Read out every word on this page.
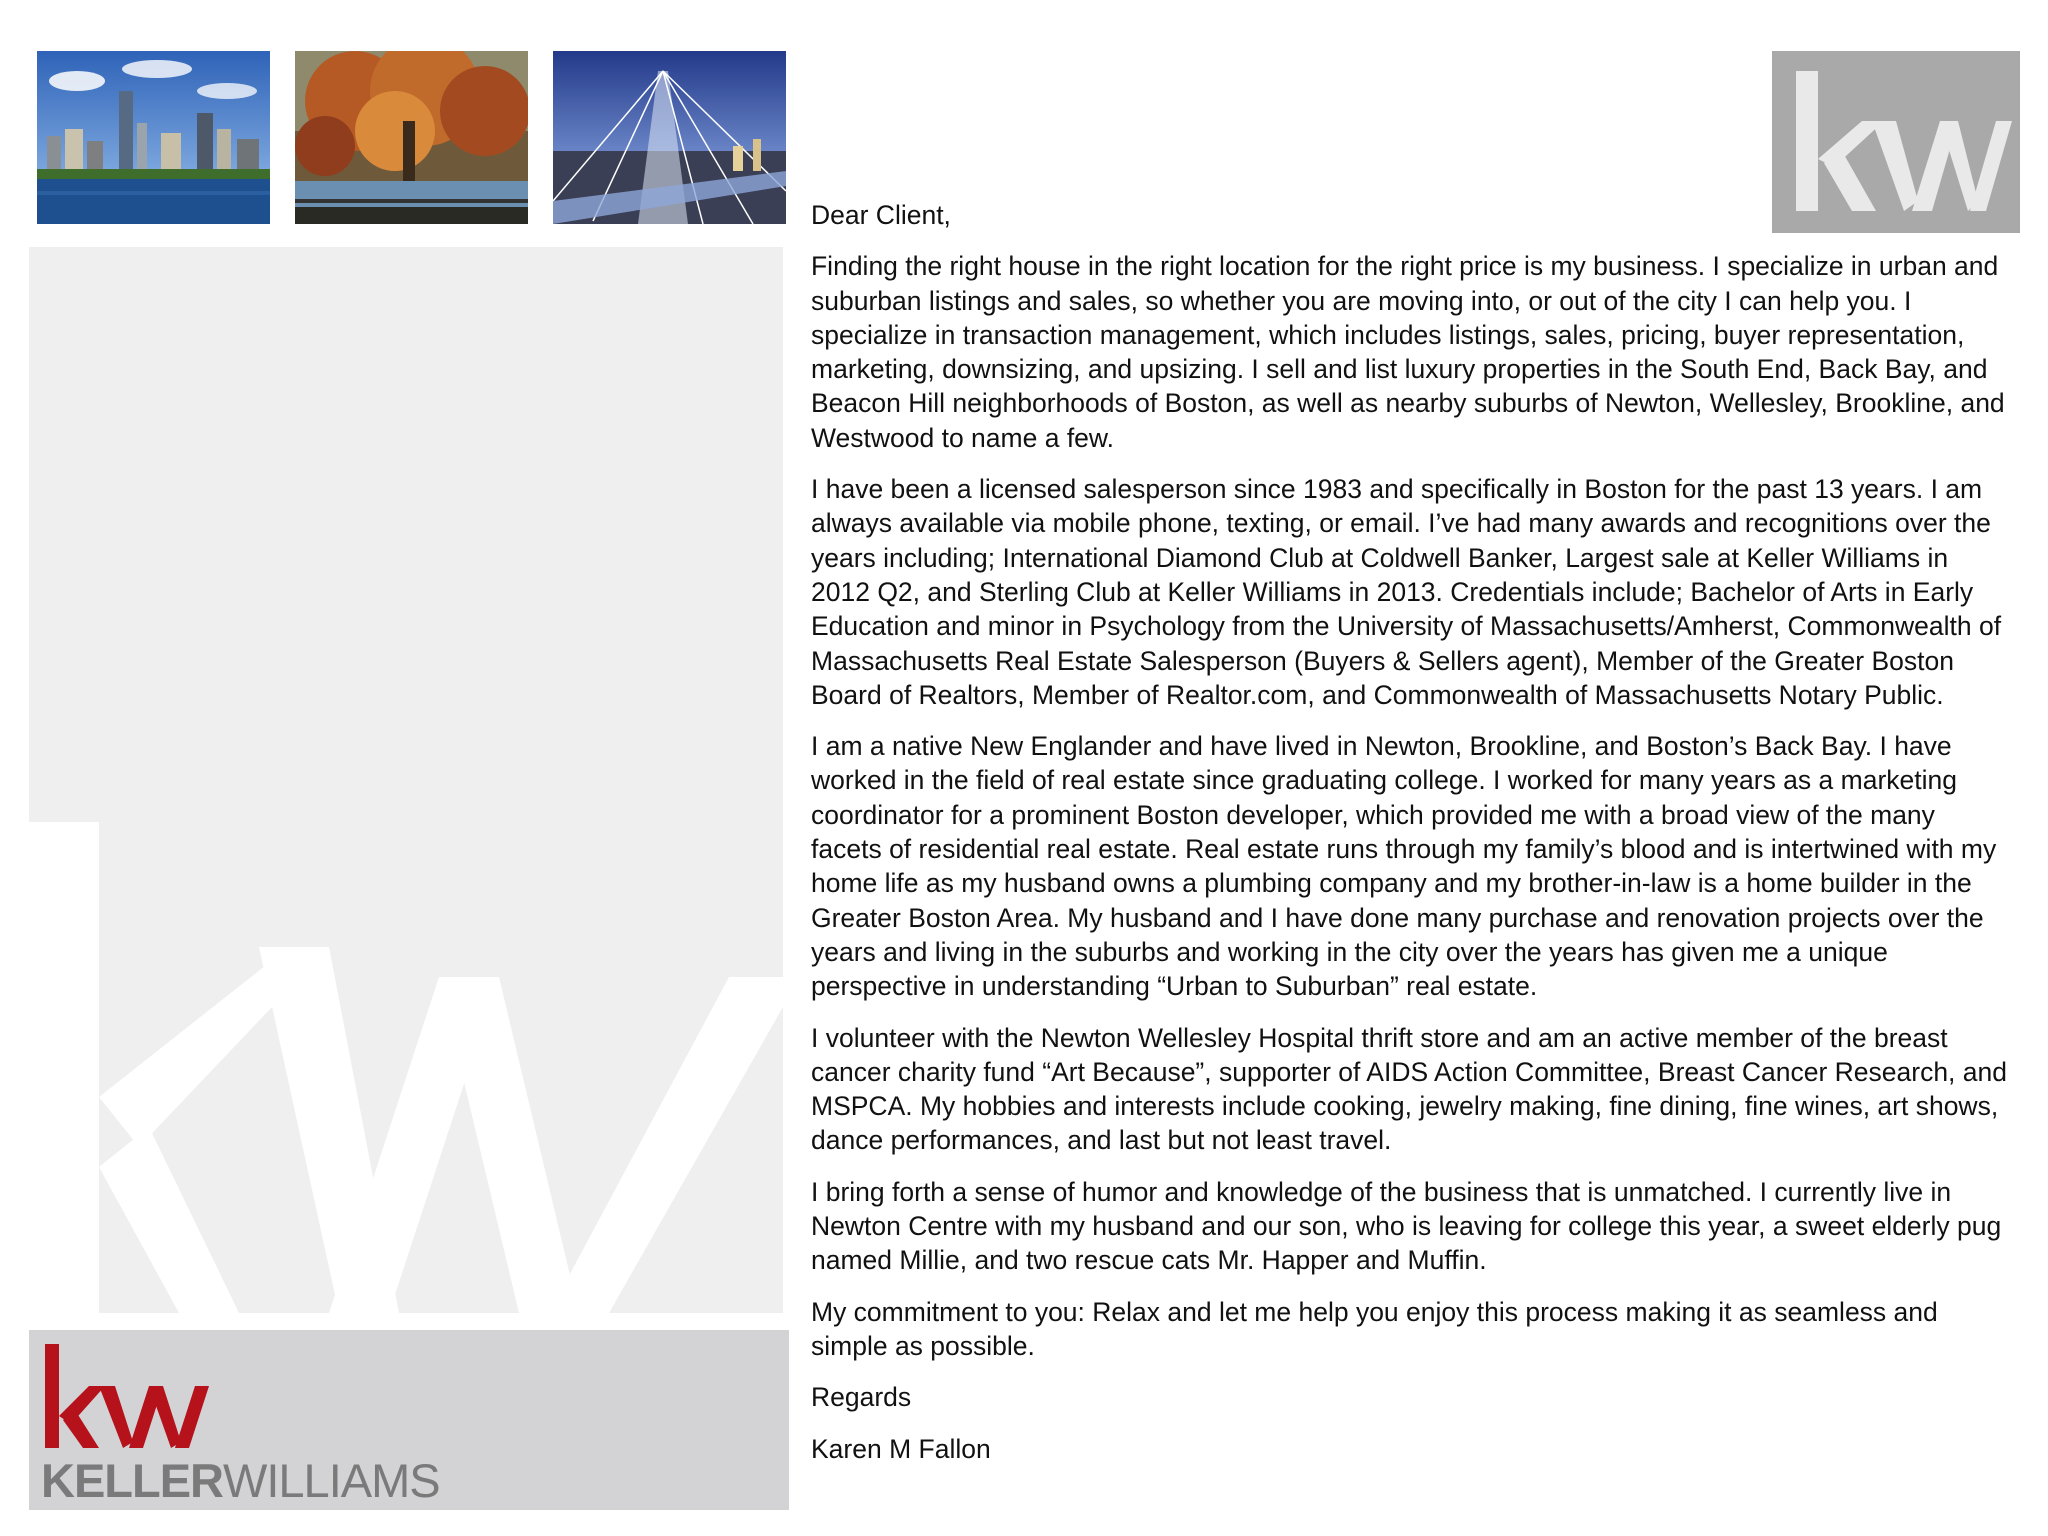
KELLERWILLIAMS

Dear Client,

Finding the right house in the right location for the right price is my business. I specialize in urban and suburban listings and sales, so whether you are moving into, or out of the city I can help you. I specialize in transaction management, which includes listings, sales, pricing, buyer representation, marketing, downsizing, and upsizing. I sell and list luxury properties in the South End, Back Bay, and Beacon Hill neighborhoods of Boston, as well as nearby suburbs of Newton, Wellesley, Brookline, and Westwood to name a few.

I have been a licensed salesperson since 1983 and specifically in Boston for the past 13 years. I am always available via mobile phone, texting, or email. I’ve had many awards and recognitions over the years including; International Diamond Club at Coldwell Banker, Largest sale at Keller Williams in 2012 Q2, and Sterling Club at Keller Williams in 2013. Credentials include; Bachelor of Arts in Early Education and minor in Psychology from the University of Massachusetts/Amherst, Commonwealth of Massachusetts Real Estate Salesperson (Buyers & Sellers agent), Member of the Greater Boston Board of Realtors, Member of Realtor.com, and Commonwealth of Massachusetts Notary Public.

I am a native New Englander and have lived in Newton, Brookline, and Boston’s Back Bay. I have worked in the field of real estate since graduating college. I worked for many years as a marketing coordinator for a prominent Boston developer, which provided me with a broad view of the many facets of residential real estate. Real estate runs through my family’s blood and is intertwined with my home life as my husband owns a plumbing company and my brother-in-law is a home builder in the Greater Boston Area. My husband and I have done many purchase and renovation projects over the years and living in the suburbs and working in the city over the years has given me a unique perspective in understanding “Urban to Suburban” real estate.

I volunteer with the Newton Wellesley Hospital thrift store and am an active member of the breast cancer charity fund “Art Because”, supporter of AIDS Action Committee, Breast Cancer Research, and MSPCA. My hobbies and interests include cooking, jewelry making, fine dining, fine wines, art shows, dance performances, and last but not least travel.

I bring forth a sense of humor and knowledge of the business that is unmatched. I currently live in Newton Centre with my husband and our son, who is leaving for college this year, a sweet elderly pug named Millie, and two rescue cats Mr. Happer and Muffin.

My commitment to you: Relax and let me help you enjoy this process making it as seamless and simple as possible.

Regards

Karen M Fallon
